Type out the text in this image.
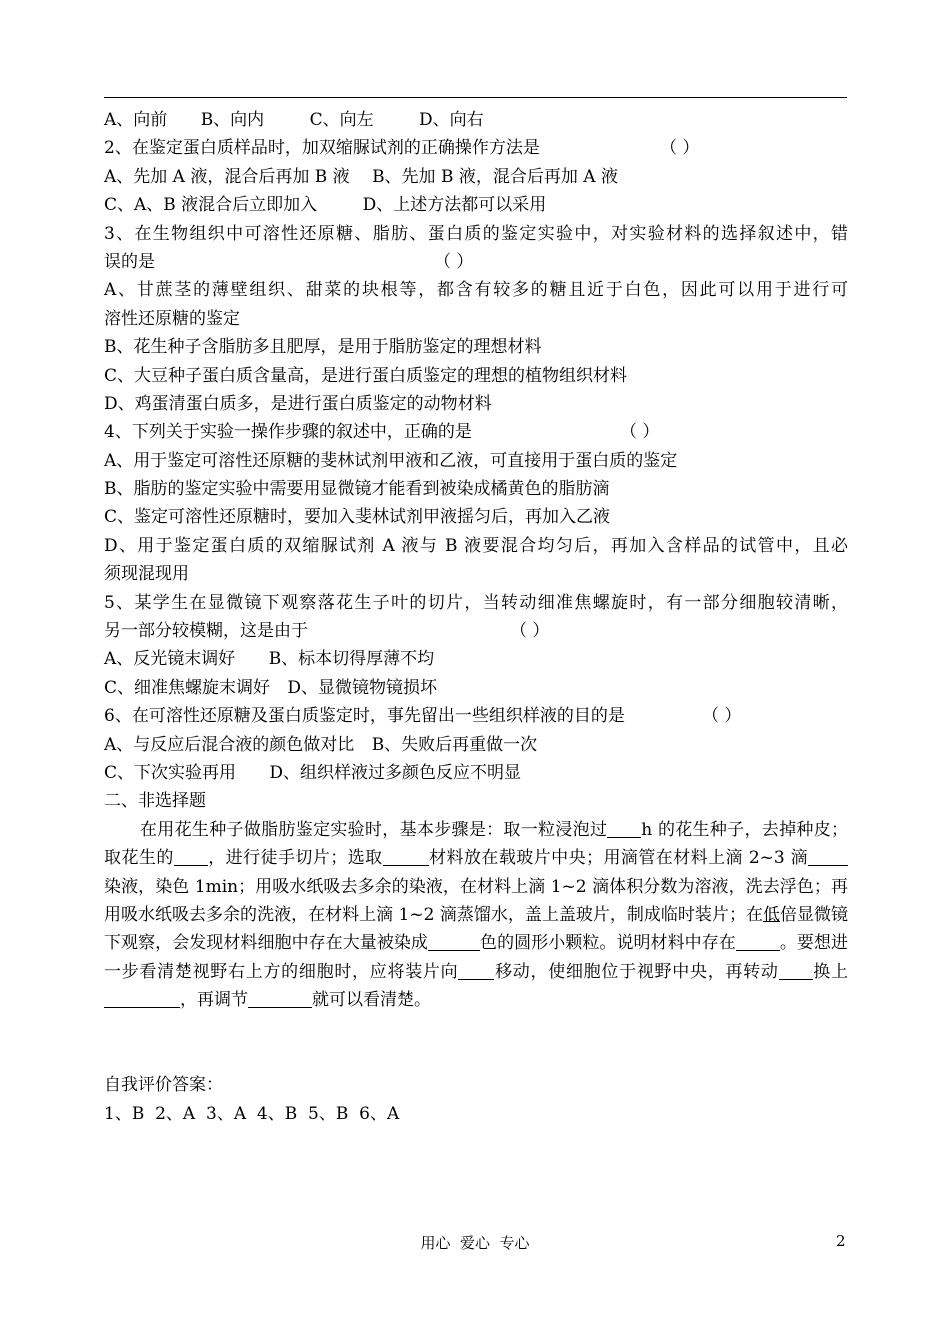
A、向前 B、向内	C、向左	D、向右
2、在鉴定蛋白质样品时，加双缩脲试剂的正确操作方法是	（ ）
A、先加 A 液，混合后再加 B 液　 B、先加 B 液，混合后再加 A 液
C、A、B 液混合后立即加入	D、上述方法都可以采用
3、在生物组织中可溶性还原糖、脂肪、蛋白质的鉴定实验中，对实验材料的选择叙述中，错
误的是	（ ）
A、甘蔗茎的薄壁组织、甜菜的块根等，都含有较多的糖且近于白色，因此可以用于进行可
溶性还原糖的鉴定
B、花生种子含脂肪多且肥厚，是用于脂肪鉴定的理想材料
C、大豆种子蛋白质含量高，是进行蛋白质鉴定的理想的植物组织材料
D、鸡蛋清蛋白质多，是进行蛋白质鉴定的动物材料
4、下列关于实验一操作步骤的叙述中，正确的是	（ ）
A、用于鉴定可溶性还原糖的斐林试剂甲液和乙液，可直接用于蛋白质的鉴定
B、脂肪的鉴定实验中需要用显微镜才能看到被染成橘黄色的脂肪滴
C、鉴定可溶性还原糖时，要加入斐林试剂甲液摇匀后，再加入乙液
D、用于鉴定蛋白质的双缩脲试剂 A 液与 B 液要混合均匀后，再加入含样品的试管中，且必
须现混现用
5、某学生在显微镜下观察落花生子叶的切片，当转动细准焦螺旋时，有一部分细胞较清晰，
另一部分较模糊，这是由于	（ ）
A、反光镜末调好 B、标本切得厚薄不均
C、细准焦螺旋末调好 D、显微镜物镜损坏
6、在可溶性还原糖及蛋白质鉴定时，事先留出一些组织样液的目的是	（ ）
A、与反应后混合液的颜色做对比 B、失败后再重做一次
C、下次实验再用 D、组织样液过多颜色反应不明显
二、非选择题
在用花生种子做脂肪鉴定实验时，基本步骤是：取一粒浸泡过 h 的花生种子，去掉种皮；取花生的 ，进行徒手切片；选取	材料放在载玻片中央；用滴管在材料上滴 2~3 滴染液，染色 1min；用吸水纸吸去多余的染液，在材料上滴 1~2 滴体积分数为溶液，洗去浮色；再用吸水纸吸去多余的洗液，在材料上滴 1~2 滴蒸馏水，盖上盖玻片，制成临时装片；在低倍显微镜下观察，会发现材料细胞中存在大量被染成	色的圆形小颗粒。说明材料中存在	。要想进一步看清楚视野右上方的细胞时，应将装片向 移动，使细胞位于视野中央，再转动 换上，再调节	就可以看清楚。
自我评价答案：
1、B  2、A  3、A  4、B  5、B  6、A
用心  爱心  专心	2
